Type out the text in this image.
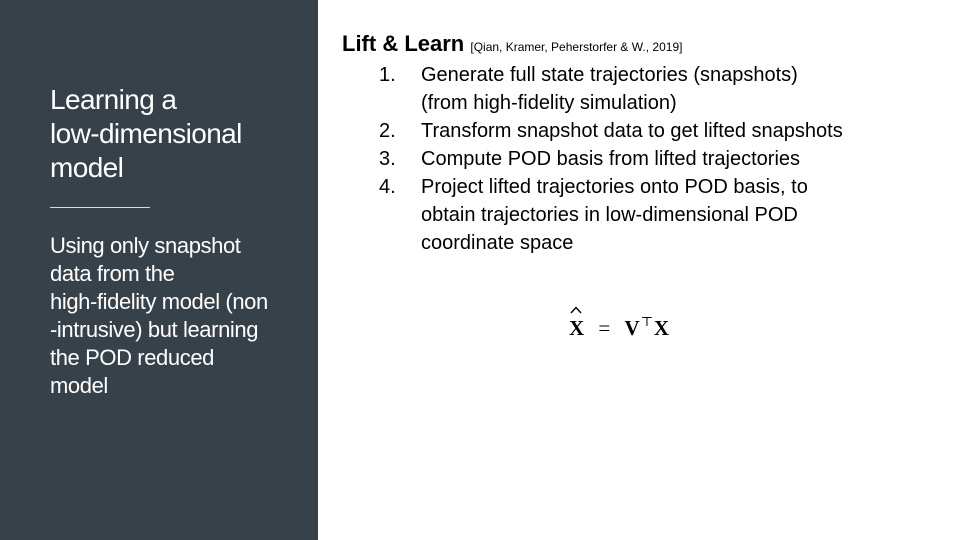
Learning a
low-dimensional
model
Using only snapshot
data from the
high-fidelity model (non
-intrusive) but learning
the POD reduced
model
Lift & Learn [Qian, Kramer, Peherstorfer & W., 2019]
1. Generate full state trajectories (snapshots)
(from high-fidelity simulation)
2. Transform snapshot data to get lifted snapshots
3. Compute POD basis from lifted trajectories
4. Project lifted trajectories onto POD basis, to
obtain trajectories in low-dimensional POD
coordinate space
X = V⊤X
